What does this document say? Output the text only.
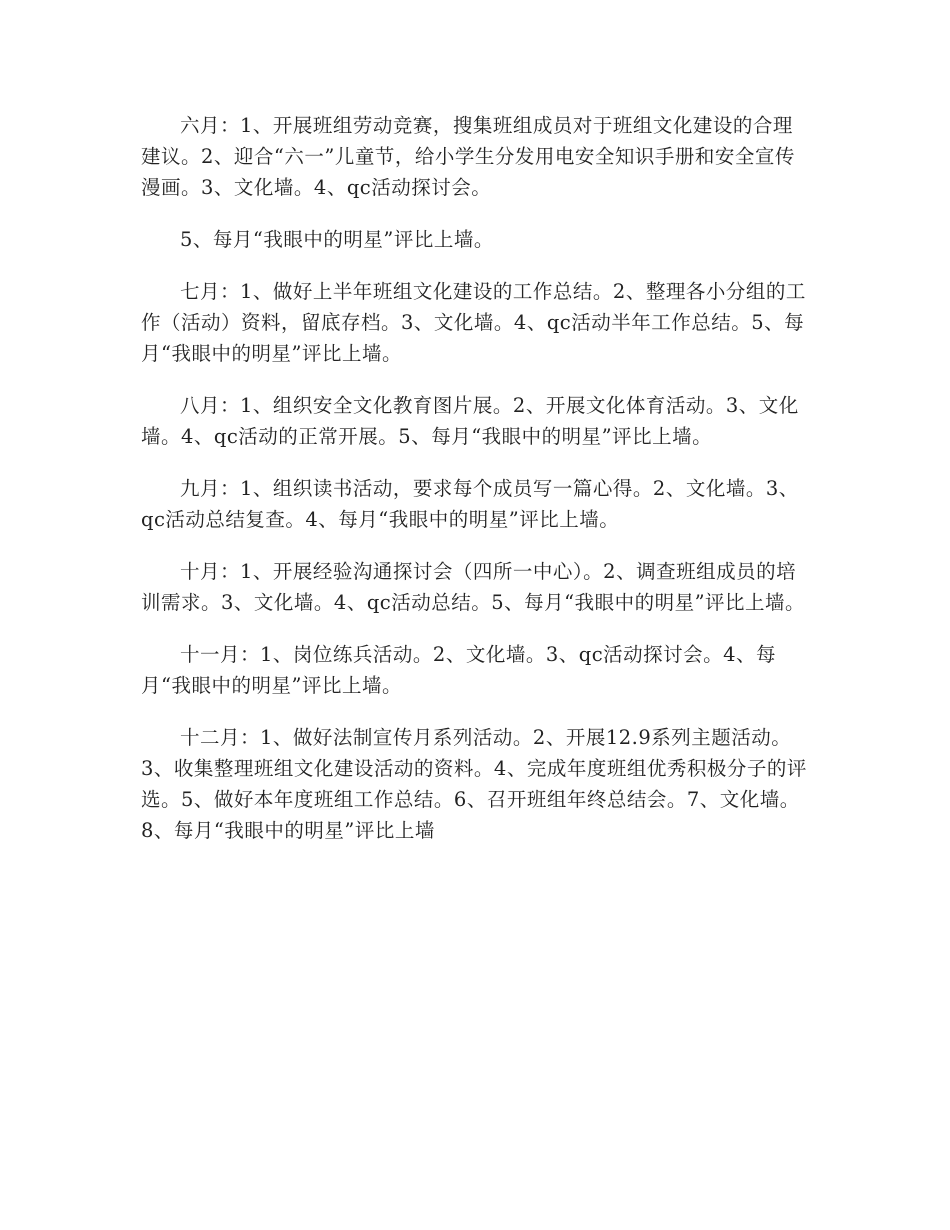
六月：1、开展班组劳动竞赛，搜集班组成员对于班组文化建设的合理建议。2、迎合“六一”儿童节，给小学生分发用电安全知识手册和安全宣传漫画。3、文化墙。4、qc活动探讨会。

5、每月“我眼中的明星”评比上墙。

七月：1、做好上半年班组文化建设的工作总结。2、整理各小分组的工作（活动）资料，留底存档。3、文化墙。4、qc活动半年工作总结。5、每月“我眼中的明星”评比上墙。

八月：1、组织安全文化教育图片展。2、开展文化体育活动。3、文化墙。4、qc活动的正常开展。5、每月“我眼中的明星”评比上墙。

九月：1、组织读书活动，要求每个成员写一篇心得。2、文化墙。3、qc活动总结复查。4、每月“我眼中的明星”评比上墙。

十月：1、开展经验沟通探讨会（四所一中心）。2、调查班组成员的培训需求。3、文化墙。4、qc活动总结。5、每月“我眼中的明星”评比上墙。

十一月：1、岗位练兵活动。2、文化墙。3、qc活动探讨会。4、每月“我眼中的明星”评比上墙。

十二月：1、做好法制宣传月系列活动。2、开展12.9系列主题活动。3、收集整理班组文化建设活动的资料。4、完成年度班组优秀积极分子的评选。5、做好本年度班组工作总结。6、召开班组年终总结会。7、文化墙。8、每月“我眼中的明星”评比上墙
